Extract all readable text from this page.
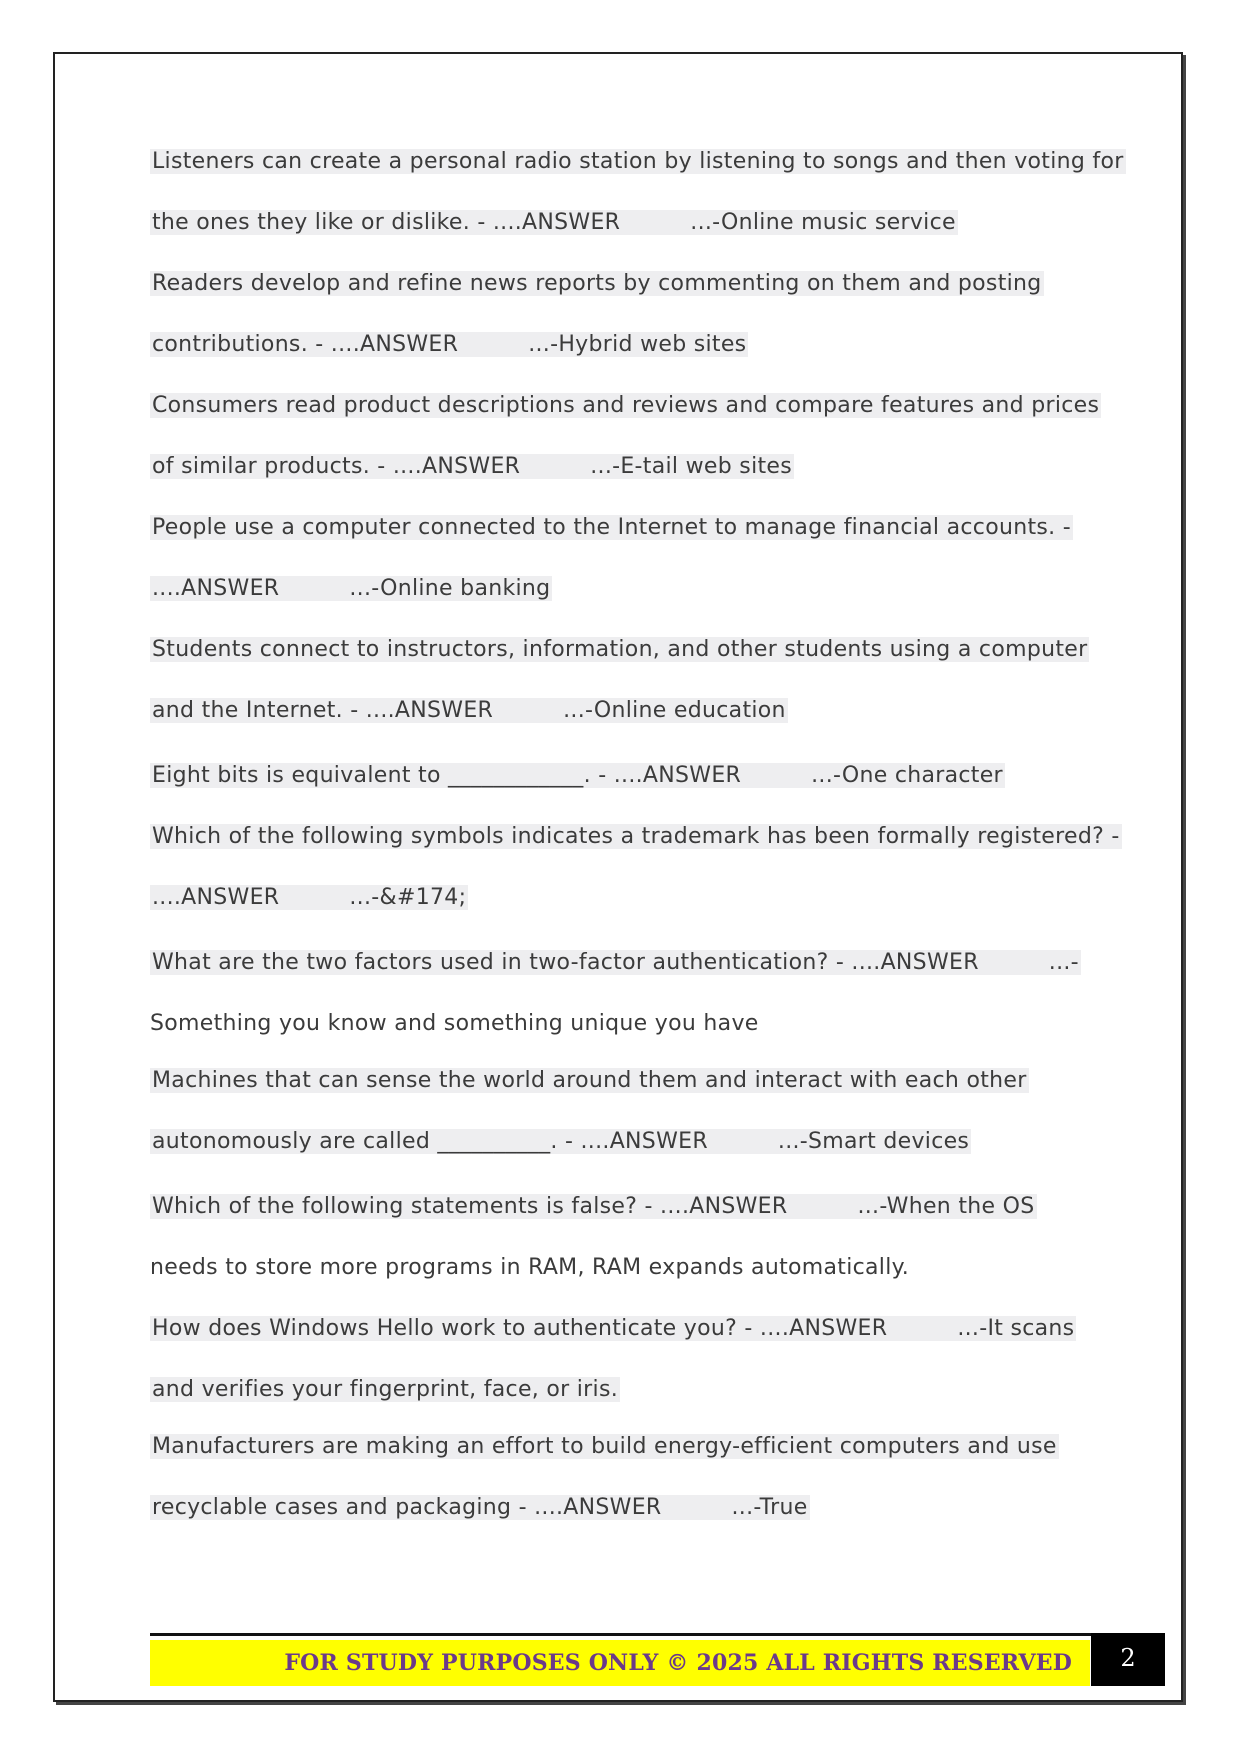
Listeners can create a personal radio station by listening to songs and then voting for
the ones they like or dislike. - ....ANSWER	...-Online music service
Readers develop and refine news reports by commenting on them and posting
contributions. - ....ANSWER	...-Hybrid web sites
Consumers read product descriptions and reviews and compare features and prices
of similar products. - ....ANSWER	...-E-tail web sites
People use a computer connected to the Internet to manage financial accounts. -
....ANSWER	...-Online banking
Students connect to instructors, information, and other students using a computer
and the Internet. - ....ANSWER	...-Online education
Eight bits is equivalent to ____________. - ....ANSWER	...-One character
Which of the following symbols indicates a trademark has been formally registered? -
....ANSWER	...-&#174;
What are the two factors used in two-factor authentication? - ....ANSWER	...-
Something you know and something unique you have
Machines that can sense the world around them and interact with each other
autonomously are called __________. - ....ANSWER	...-Smart devices
Which of the following statements is false? - ....ANSWER	...-When the OS
needs to store more programs in RAM, RAM expands automatically.
How does Windows Hello work to authenticate you? - ....ANSWER	...-It scans
and verifies your fingerprint, face, or iris.
Manufacturers are making an effort to build energy-efficient computers and use
recyclable cases and packaging - ....ANSWER	...-True
FOR STUDY PURPOSES ONLY © 2025 ALL RIGHTS RESERVED	2
